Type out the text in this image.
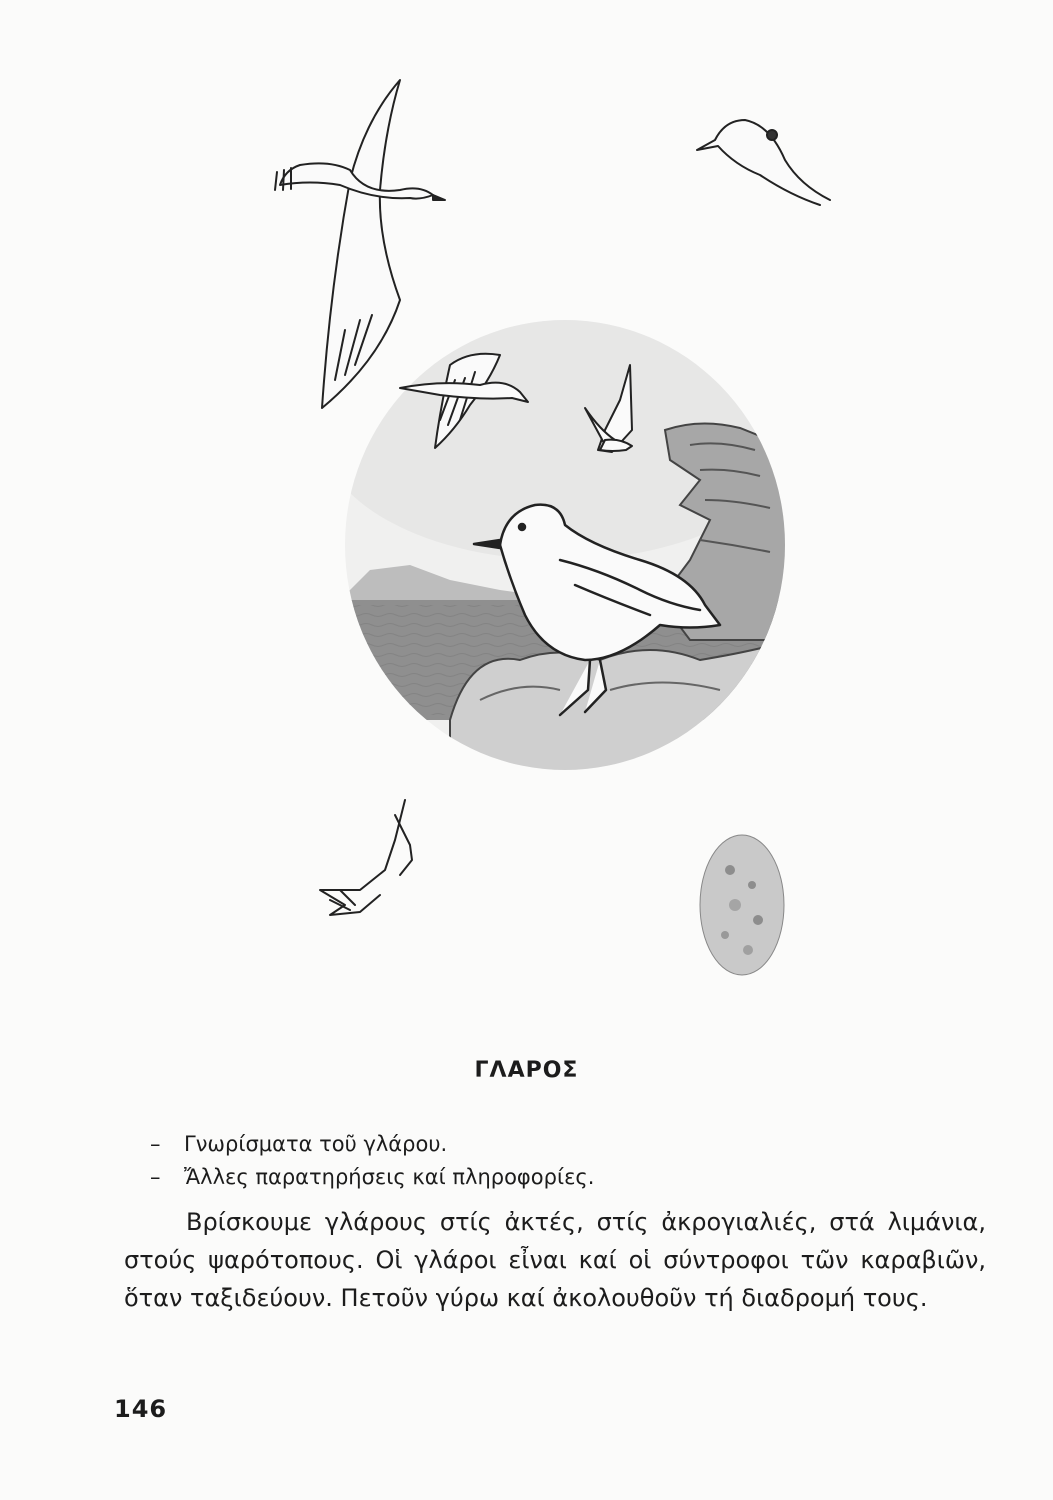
ΓΛΑΡΟΣ
–	Γνωρίσματα τοῦ γλάρου.
–	Ἄλλες παρατηρήσεις καί πληροφορίες.
Βρίσκουμε γλάρους στίς ἀκτές, στίς ἀκρογιαλιές, στά λιμάνια, στούς ψαρότοπους. Οἱ γλάροι εἶναι καί οἱ σύντροφοι τῶν καραβιῶν, ὅταν ταξιδεύουν. Πετοῦν γύρω καί ἀκολουθοῦν τή διαδρομή τους.
146
